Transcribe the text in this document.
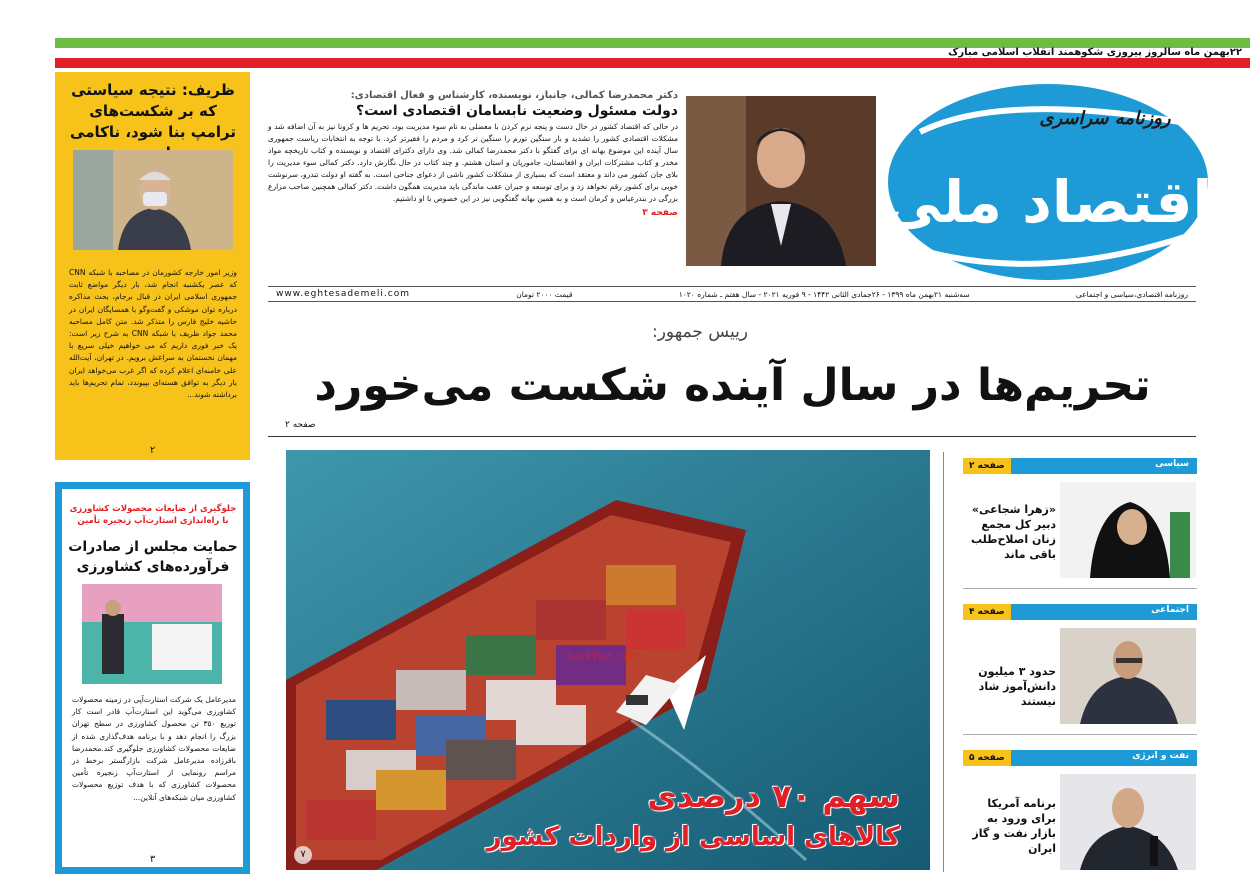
۲۲بهمن ماه سالروز پیروزی شکوهمند انقلاب اسلامی مبارک
روزنامه سراسری
اقتصاد ملی
دکتر محمدرضا کمالی، جانباز، نویسنده، کارشناس و فعال اقتصادی:
دولت مسئول وضعیت نابسامان اقتصادی است؟
در حالی که اقتصاد کشور در حال دست و پنجه نرم کردن با معضلی به نام سوء مدیریت بود، تحریم ها و کرونا نیز به آن اضافه شد و مشکلات اقتصادی کشور را تشدید و بار سنگین تورم را سنگین تر کرد و مردم را فقیرتر کرد. با توجه به انتخابات ریاست جمهوری سال آینده این موضوع بهانه ای برای گفتگو با دکتر محمدرضا کمالی شد. وی دارای دکترای اقتصاد و نویسنده و کتاب تاریخچه مواد مخدر و کتاب مشترکات ایران و افغانستان، جامورپان و استان هشتم. و چند کتاب در حال نگارش دارد. دکتر کمالی سوء مدیریت را بلای جان کشور می داند و معتقد است که بسیاری از مشکلات کشور ناشی از دعوای جناحی است. به گفته او دولت تندرو، سرنوشت خوبی برای کشور رقم نخواهد زد و برای توسعه و جبران عقب ماندگی باید مدیریت همگون داشت. دکتر کمالی همچنین صاحب مزارع بزرگی در بندرعباس و کرمان است و به همین بهانه گفتگویی نیز در این خصوص با او داشتیم.
صفحه ۳
www.eghtesademeli.com	قیمت ۲۰۰۰ تومان	سه‌شنبه ۲۱بهمن ماه ۱۳۹۹ - ۲۶جمادی الثانی ۱۴۴۲ - ۹ فوریه ۲۰۲۱ - سال هفتم ـ شماره ۱۰۲۰	روزنامه اقتصادی،سیاسی و اجتماعی
رییس جمهور:
تحریم‌ها در سال آینده شکست می‌خورد
صفحه ۲
Sarkhat.com
سهم ۷۰ درصدی
کالاهای اساسی از واردات کشور
۷
ظریف: نتیجه سیاستی که بر شکست‌های ترامپ بنا شود، ناکامی
وزیر امور خارجه کشورمان در مصاحبه با شبکه CNN که عصر یکشنبه انجام شد، بار دیگر مواضع ثابت جمهوری اسلامی ایران در قبال برجام، بحث مذاکره درباره توان موشکی و گفت‌وگو با همسایگان ایران در حاشیه خلیج فارس را متذکر شد. متن کامل مصاحبه محمد جواد ظریف با شبکه CNN به شرح زیر است: یک خبر فوری داریم که می خواهیم خیلی سریع با مهمان نخستمان به سراغش برویم. در تهران، آیت‌الله علی خامنه‌ای اعلام کرده که اگر غرب می‌خواهد ایران بار دیگر به توافق هسته‌ای بپیوندد، تمام تحریم‌ها باید برداشته شوند...
۲
جلوگیری از ضایعات محصولات کشاورزی با راه‌اندازی استارت‌آپ زنجیره تأمین
حمایت مجلس از صادرات فرآورده‌های کشاورزی
مدیرعامل یک شرکت استارت‌آپی در زمینه محصولات کشاورزی می‌گوید این استارت‌آپ قادر است کار توزیع ۳۵۰ تن محصول کشاورزی در سطح تهران بزرگ را انجام دهد و با برنامه هدف‌گذاری شده از ضایعات محصولات کشاورزی جلوگیری کند.محمدرضا باقرزاده مدیرعامل شرکت بازارگستر برخط در مراسم رونمایی از استارت‌آپ زنجیره تأمین محصولات کشاورزی که با هدف توزیع محصولات کشاورزی میان شبکه‌های آنلاین...
۳
سیاسی
صفحه ۲
«زهرا شجاعی» دبیر کل مجمع زنان اصلاح‌طلب باقی ماند
اجتماعی
صفحه ۴
حدود ۳ میلیون دانش‌آموز شاد نیستند
نفت و انرژی
صفحه ۵
برنامه آمریکا برای ورود به بازار نفت و گاز ایران
